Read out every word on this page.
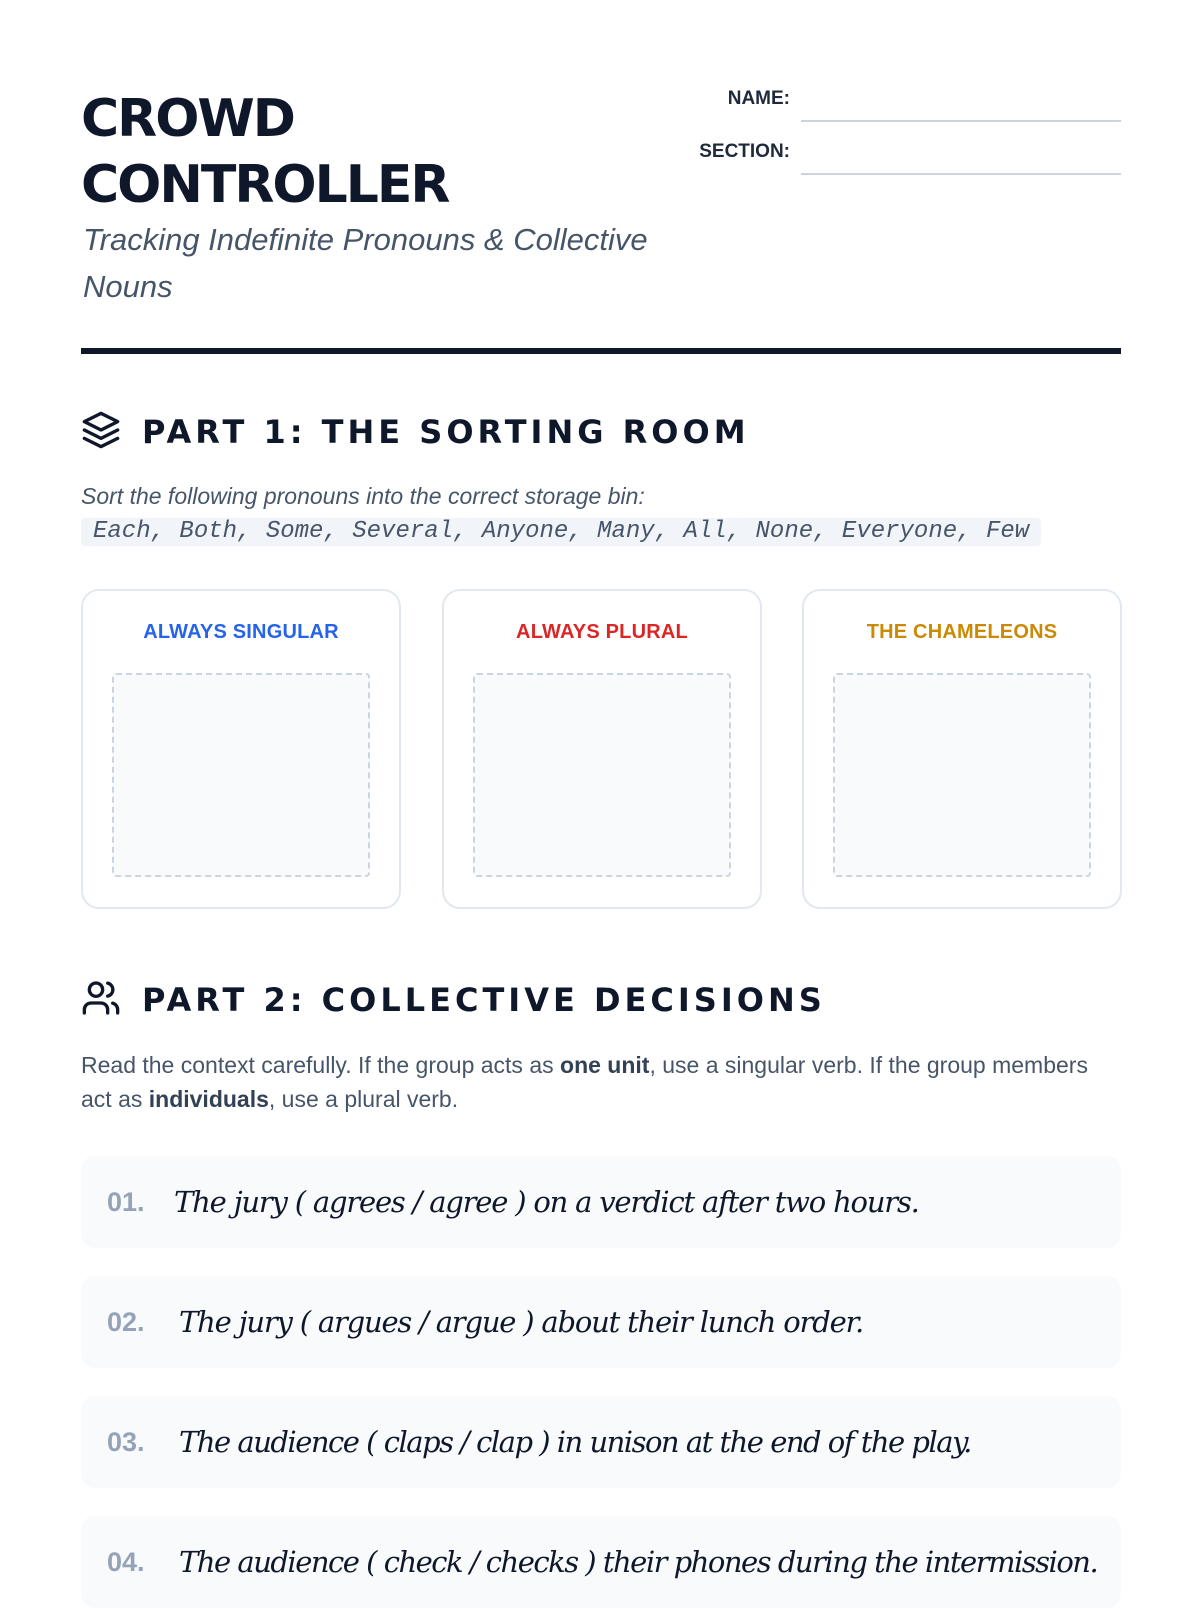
CROWD
CONTROLLER
Tracking Indefinite Pronouns & Collective
Nouns
NAME:
SECTION:
PART 1: THE SORTING ROOM
Sort the following pronouns into the correct storage bin:
Each, Both, Some, Several, Anyone, Many, All, None, Everyone, Few
ALWAYS SINGULAR	ALWAYS PLURAL	THE CHAMELEONS
PART 2: COLLECTIVE DECISIONS

Read the context carefully. If the group acts as one unit, use a singular verb. If the group members act as individuals, use a plural verb.

01. The jury ( agrees / agree ) on a verdict after two hours.
02. The jury ( argues / argue ) about their lunch order.
03. The audience ( claps / clap ) in unison at the end of the play.
04. The audience ( check / checks ) their phones during the intermission.
